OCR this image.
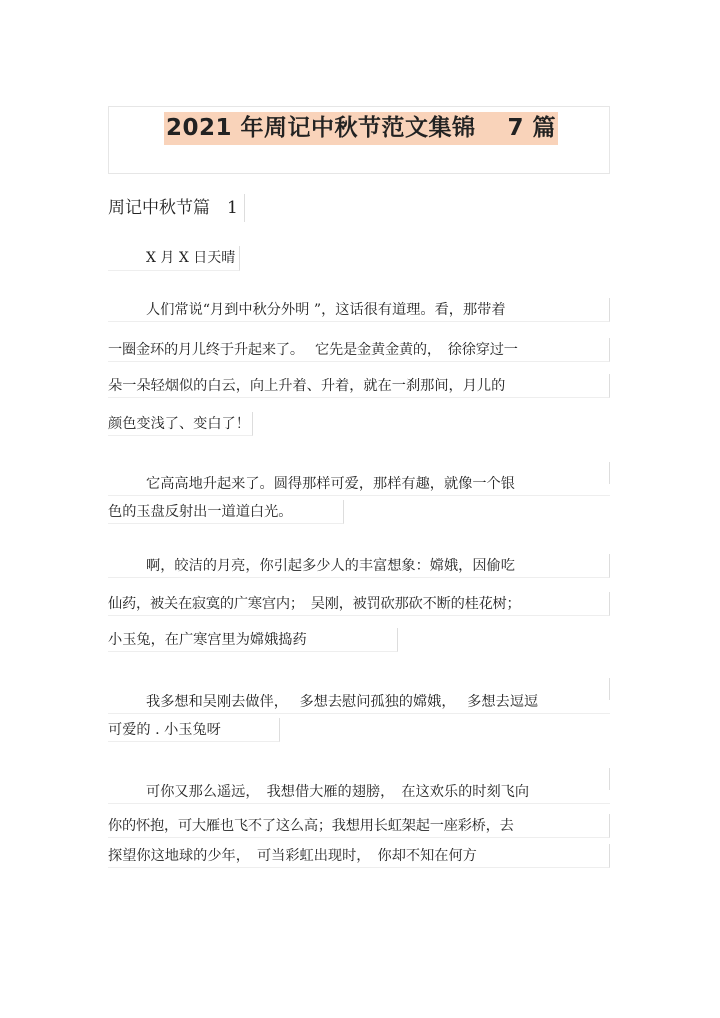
2021 年周记中秋节范文集锦　 7 篇
周记中秋节篇　1
X 月 X 日天晴
人们常说“月到中秋分外明 ”，这话很有道理。看，那带着
一圈金环的月儿终于升起来了。　 它先是金黄金黄的，　徐徐穿过一
朵一朵轻烟似的白云，向上升着、升着，就在一刹那间，月儿的
颜色变浅了、变白了！
它高高地升起来了。圆得那样可爱，那样有趣，就像一个银
色的玉盘反射出一道道白光。
啊，皎洁的月亮，你引起多少人的丰富想象：嫦娥，因偷吃
仙药，被关在寂寞的广寒宫内；　吴刚，被罚砍那砍不断的桂花树；
小玉兔，在广寒宫里为嫦娥捣药
我多想和吴刚去做伴，　 多想去慰问孤独的嫦娥，　 多想去逗逗
可爱的 . 小玉兔呀
可你又那么遥远，　我想借大雁的翅膀，　在这欢乐的时刻飞向
你的怀抱，可大雁也飞不了这么高；我想用长虹架起一座彩桥，去
探望你这地球的少年，　可当彩虹出现时，　你却不知在何方
